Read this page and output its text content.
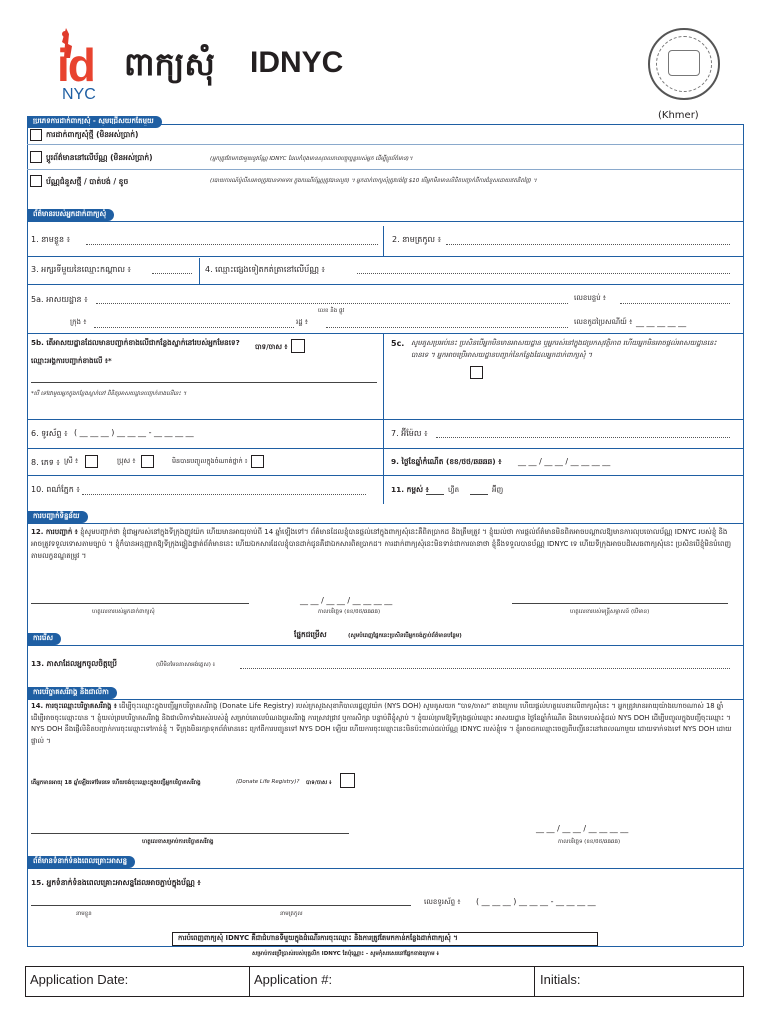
id
NYC
ពាក្យសុំ IDNYC
(Khmer)
ប្រភេទការដាក់ពាក្យសុំ - សូមជ្រើសយកតែមួយ
ការដាក់ពាក្យសុំថ្មី (មិនអស់ប្រាក់)
ប្តូរព័ត៌មាននៅលើប័ណ្ណ (មិនអស់ប្រាក់)	(អ្នកត្រូវតែមកជាមួយនូវប័ណ្ណ IDNYC ដែលកំពុងមានសុពលភាពបច្ចុប្បន្នរបស់អ្នក ដើម្បីប្តូរព័ត៌មាន)។
ប័ណ្ណជំនួសថ្មី / បាត់បង់ / ខូច	(របាយការណ៍ប៉ូលីសអាចត្រូវបានទាមទារ ក្នុងករណីប័ណ្ណត្រូវបានលួច) ។ អ្នកដាក់ពាក្យសុំត្រូវបង់ថ្លៃ $10 បើអ្នកមិនមានលិខិតបញ្ជាក់ពីការជំនួសដោយឥតគិតថ្លៃ) ។
ព័ត៌មានរបស់អ្នកដាក់ពាក្យសុំ
1. នាមខ្លួន ៖	2. នាមត្រកូល ៖
3. អក្សរទីមួយនៃឈ្មោះកណ្តាល ៖	4. ឈ្មោះផ្សេងទៀតកត់ត្រានៅលើប័ណ្ណ ៖
5a. អាសយដ្ឋាន ៖	លេខបន្ទប់ ៖
លេខ និង ផ្លូវ
ក្រុង ៖	រដ្ឋ ៖	លេខកូដប្រៃសណីយ៍ ៖ __ __ __ __ __
5b. តើអាសយដ្ឋានដែលមានបញ្ជាក់ខាងលើជាកន្លែងស្នាក់នៅរបស់អ្នកមែនទេ?	បាទ/ចាស ៖
ឈ្មោះអង្គការបញ្ជាក់ខាងលើ ៖*
*បើ ទៅជាមួយអ្នកក្នុងកន្លែងស្នាក់នៅ ពិនិត្យអាសយដ្ឋានបញ្ជាក់ខាងលើនេះ ។
5c. សូមគូសប្រអប់នេះ ប្រសិនបើអ្នកមិនមានអាសយដ្ឋាន ឬអ្នករស់នៅក្នុងជម្រកសុវត្ថិភាព ហើយអ្នកមិនអាចផ្តល់អាសយដ្ឋាននេះបានទេ ។ អ្នកអាចប្រើអាសយដ្ឋានបញ្ជាក់នៃកន្លែងដែលអ្នកដាក់ពាក្យសុំ ។
6. ទូរស័ព្ទ ៖ ( __ __ __ ) __ __ __ - __ __ __ __	7. អ៊ីម៉ែល ៖
8. ភេទ ៖ ស្រី ៖	ប្រុស ៖	មិនបានបញ្ចូលក្នុងចំណាត់ថ្នាក់ ៖	9. ថ្ងៃខែឆ្នាំកំណើត (ខខ/ថថ/ឆឆឆឆ) ៖ __ __ / __ __ / __ __ __ __
10. ពណ៌ភ្នែក ៖	11. កម្ពស់ ៖	ហ្វីត	អ៊ីញ
ការបញ្ជាក់ទិន្នន័យ
12. ការបញ្ជាក់ ៖ ខ្ញុំសូមបញ្ជាក់ថា ខ្ញុំជាអ្នករស់នៅក្នុងទីក្រុងញូវយ៉ក ហើយមានអាយុចាប់ពី 14 ឆ្នាំឡើងទៅ។ ព័ត៌មានដែលខ្ញុំបានផ្តល់នៅក្នុងពាក្យសុំនេះគឺពិតប្រាកដ និងត្រឹមត្រូវ ។ ខ្ញុំយល់ថា ការផ្តល់ព័ត៌មានមិនពិតអាចបណ្តាលឱ្យមានការលុបចោលប័ណ្ណ IDNYC របស់ខ្ញុំ និងអាចត្រូវទទួលទោសតាមច្បាប់ ។ ខ្ញុំក៏បានអនុញ្ញាតឱ្យទីក្រុងផ្ទៀងផ្ទាត់ព័ត៌មាននេះ ហើយឯកសារដែលខ្ញុំបានដាក់ជូនគឺជាឯកសារពិតប្រាកដ។ ការដាក់ពាក្យសុំនេះមិនទាន់ជាការធានាថា ខ្ញុំនឹងទទួលបានប័ណ្ណ IDNYC ទេ ហើយទីក្រុងអាចបដិសេធពាក្យសុំនេះ ប្រសិនបើខ្ញុំមិនបំពេញតាមលក្ខខណ្ឌតម្រូវ ។
__ __ / __ __ / __ __ __ __
ហត្ថលេខារបស់អ្នកដាក់ពាក្យសុំ	កាលបរិច្ឆេទ (ខខ/ថថ/ឆឆឆឆ)	ហត្ថលេខារបស់មន្ត្រីសម្ភាសន៍ (បើមាន)
ការរើស	ផ្នែកជម្រើស	(សូមបំពេញផ្នែកនេះប្រសិនបើអ្នកចង់ភ្ជាប់ព័ត៌មានបន្ថែម)
13. ភាសាដែលអ្នកចូលចិត្តប្រើ	(បើមិនមែនភាសាអង់គ្លេស) ៖
ការបរិច្ចាគសរីរាង្គ និងជាលិកា
14. ការចុះឈ្មោះបរិច្ចាគសរីរាង្គ ៖ ដើម្បីចុះឈ្មោះក្នុងបញ្ជីអ្នកបរិច្ចាគសរីរាង្គ (Donate Life Registry) របស់ក្រសួងសុខាភិបាលរដ្ឋញូវយ៉ក (NYS DOH) សូមគូសយក "បាទ/ចាស" ខាងក្រោម ហើយផ្តល់ហត្ថលេខាលើពាក្យសុំនេះ ។ អ្នកត្រូវមានអាយុយ៉ាងហោចណាស់ 18 ឆ្នាំ ដើម្បីអាចចុះឈ្មោះបាន ។ ខ្ញុំយល់ព្រមបរិច្ចាគសរីរាង្គ និងជាលិកាទាំងអស់របស់ខ្ញុំ សម្រាប់គោលបំណងប្តូរសរីរាង្គ ការស្រាវជ្រាវ ឬការសិក្សា បន្ទាប់ពីខ្ញុំស្លាប់ ។ ខ្ញុំយល់ព្រមឱ្យទីក្រុងផ្តល់ឈ្មោះ អាសយដ្ឋាន ថ្ងៃខែឆ្នាំកំណើត និងភេទរបស់ខ្ញុំដល់ NYS DOH ដើម្បីបញ្ចូលក្នុងបញ្ជីចុះឈ្មោះ ។ NYS DOH នឹងផ្ញើលិខិតបញ្ជាក់ការចុះឈ្មោះទៅកាន់ខ្ញុំ ។ ទីក្រុងមិនរក្សាទុកព័ត៌មាននេះ ក្រៅពីការបញ្ជូនទៅ NYS DOH ឡើយ ហើយការចុះឈ្មោះនេះមិនប៉ះពាល់ដល់ប័ណ្ណ IDNYC របស់ខ្ញុំទេ ។ ខ្ញុំអាចដកឈ្មោះចេញពីបញ្ជីនេះនៅពេលណាមួយ ដោយទាក់ទងទៅ NYS DOH ដោយផ្ទាល់ ។
តើអ្នកមានអាយុ 18 ឆ្នាំឡើងទៅមែនទេ ហើយចង់ចុះឈ្មោះក្នុងបញ្ជីអ្នកបរិច្ចាគសរីរាង្គ	(Donate Life Registry)? បាទ/ចាស ៖
__ __ / __ __ / __ __ __ __
ហត្ថលេខាសម្រាប់ការបរិច្ចាគសរីរាង្គ	កាលបរិច្ឆេទ (ខខ/ថថ/ឆឆឆឆ)
ព័ត៌មានទំនាក់ទំនងពេលគ្រោះអាសន្ន
15. អ្នកទំនាក់ទំនងពេលគ្រោះអាសន្នដែលអាចភ្ជាប់ក្នុងប័ណ្ណ ៖
លេខទូរស័ព្ទ ៖ ( __ __ __ ) __ __ __ - __ __ __ __
នាមខ្លួន	នាមត្រកូល
ការបំពេញពាក្យសុំ IDNYC គឺជាជំហានទីមួយក្នុងដំណើរការចុះឈ្មោះ និងការត្រូវតែមកកាន់កន្លែងដាក់ពាក្យសុំ ។
សម្រាប់ការប្រើប្រាស់របស់បុគ្គលិក IDNYC តែប៉ុណ្ណោះ - សូមកុំសរសេរនៅផ្នែកខាងក្រោម ៖
Application Date:	Application #:	Initials:
